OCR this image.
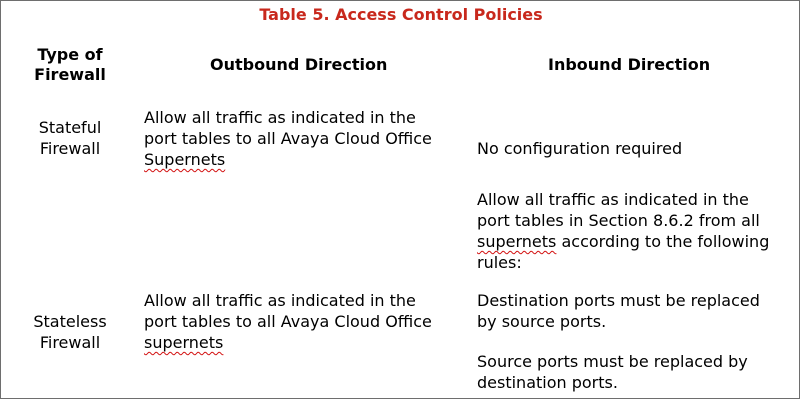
Table 5. Access Control Policies
Type of
Firewall
Outbound Direction	Inbound Direction
Stateful
Firewall
Allow all traffic as indicated in the
port tables to all Avaya Cloud Office
Supernets
No configuration required
Stateless
Firewall
Allow all traffic as indicated in the
port tables to all Avaya Cloud Office
supernets
Allow all traffic as indicated in the
port tables in Section 8.6.2 from all
supernets according to the following
rules:
Destination ports must be replaced
by source ports.
Source ports must be replaced by
destination ports.
